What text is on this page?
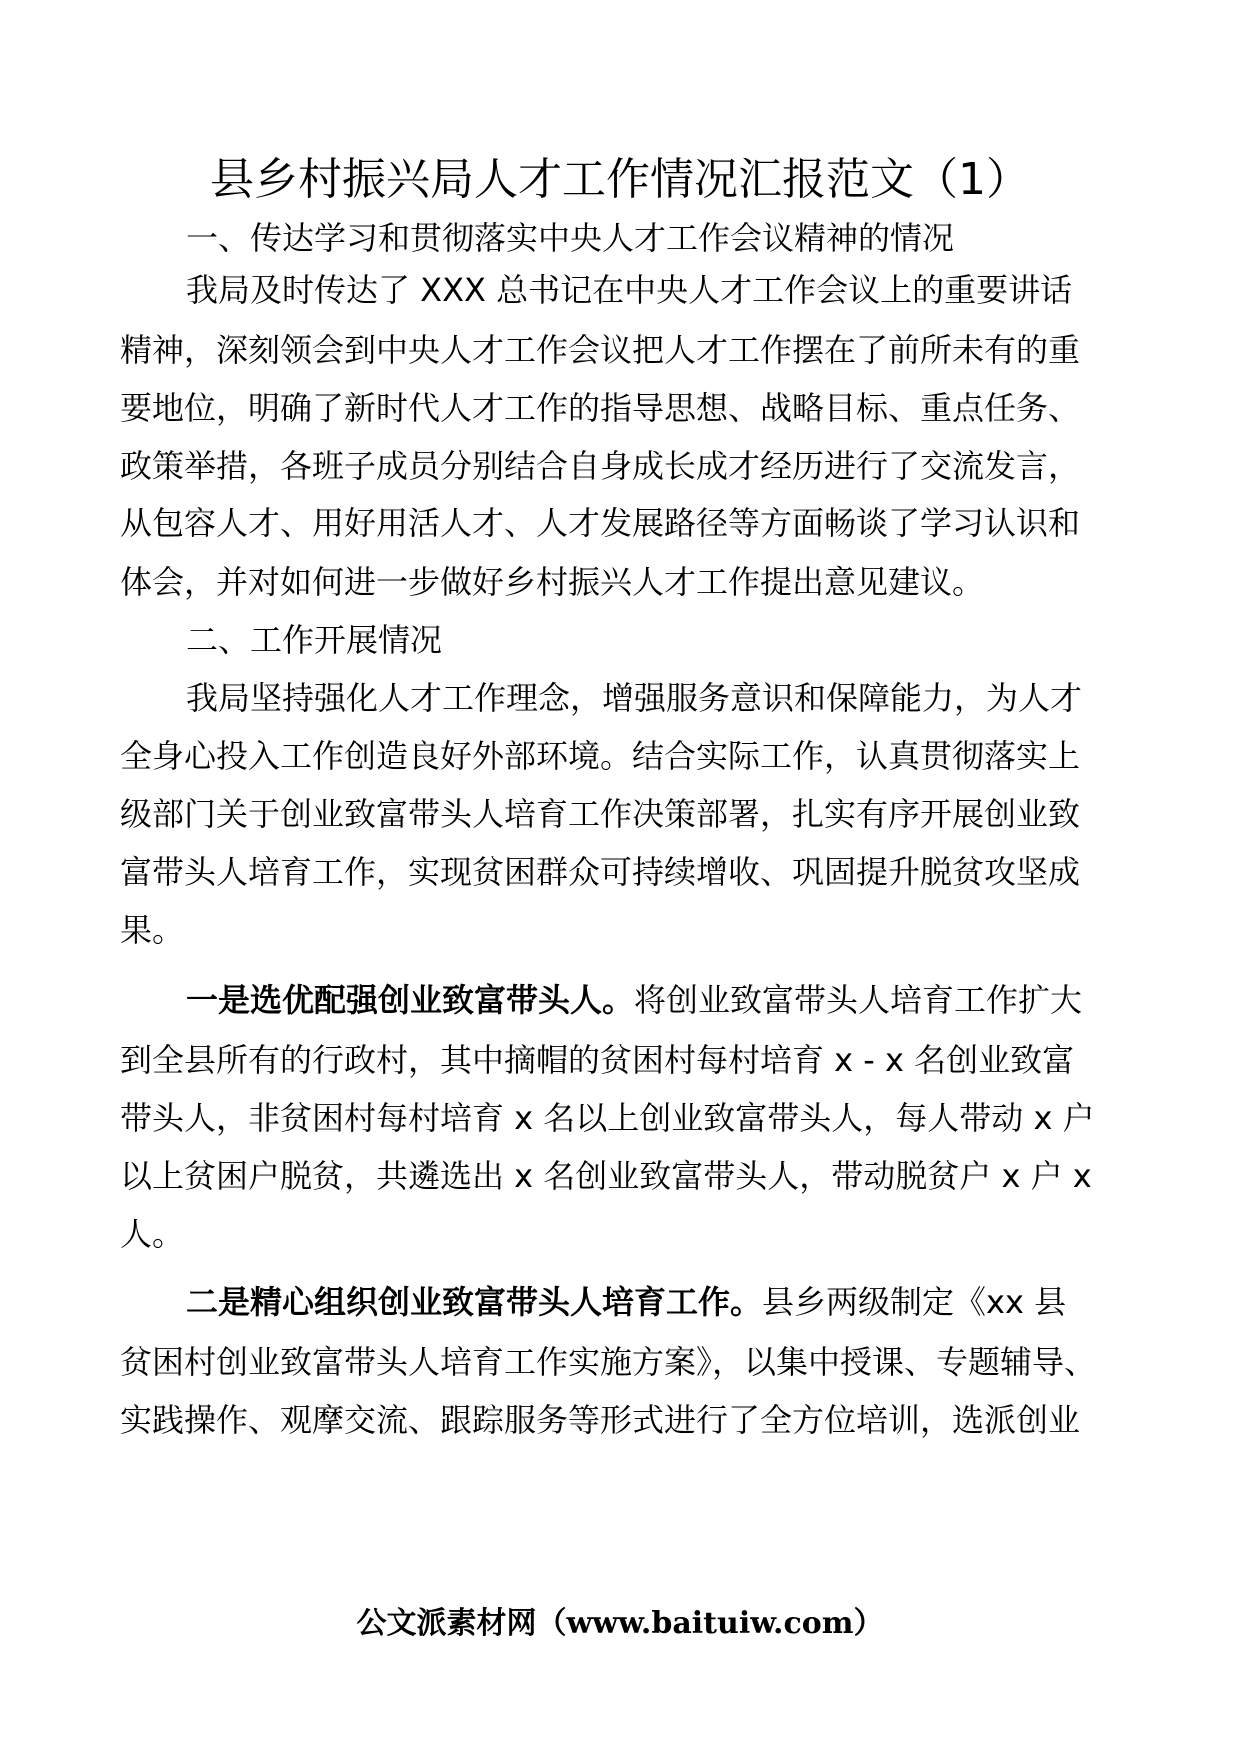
县乡村振兴局人才工作情况汇报范文（1）
一、传达学习和贯彻落实中央人才工作会议精神的情况
我局及时传达了 XXX 总书记在中央人才工作会议上的重要讲话
精神，深刻领会到中央人才工作会议把人才工作摆在了前所未有的重
要地位，明确了新时代人才工作的指导思想、战略目标、重点任务、
政策举措，各班子成员分别结合自身成长成才经历进行了交流发言，
从包容人才、用好用活人才、人才发展路径等方面畅谈了学习认识和
体会，并对如何进一步做好乡村振兴人才工作提出意见建议。
二、工作开展情况
我局坚持强化人才工作理念，增强服务意识和保障能力，为人才
全身心投入工作创造良好外部环境。结合实际工作，认真贯彻落实上
级部门关于创业致富带头人培育工作决策部署，扎实有序开展创业致
富带头人培育工作，实现贫困群众可持续增收、巩固提升脱贫攻坚成
果。
一是选优配强创业致富带头人。将创业致富带头人培育工作扩大
到全县所有的行政村，其中摘帽的贫困村每村培育 x - x 名创业致富
带头人，非贫困村每村培育 x 名以上创业致富带头人，每人带动 x 户
以上贫困户脱贫，共遴选出 x 名创业致富带头人，带动脱贫户 x 户 x
人。
二是精心组织创业致富带头人培育工作。县乡两级制定《xx 县
贫困村创业致富带头人培育工作实施方案》，以集中授课、专题辅导、
实践操作、观摩交流、跟踪服务等形式进行了全方位培训，选派创业
公文派素材网（www.baituiw.com）
